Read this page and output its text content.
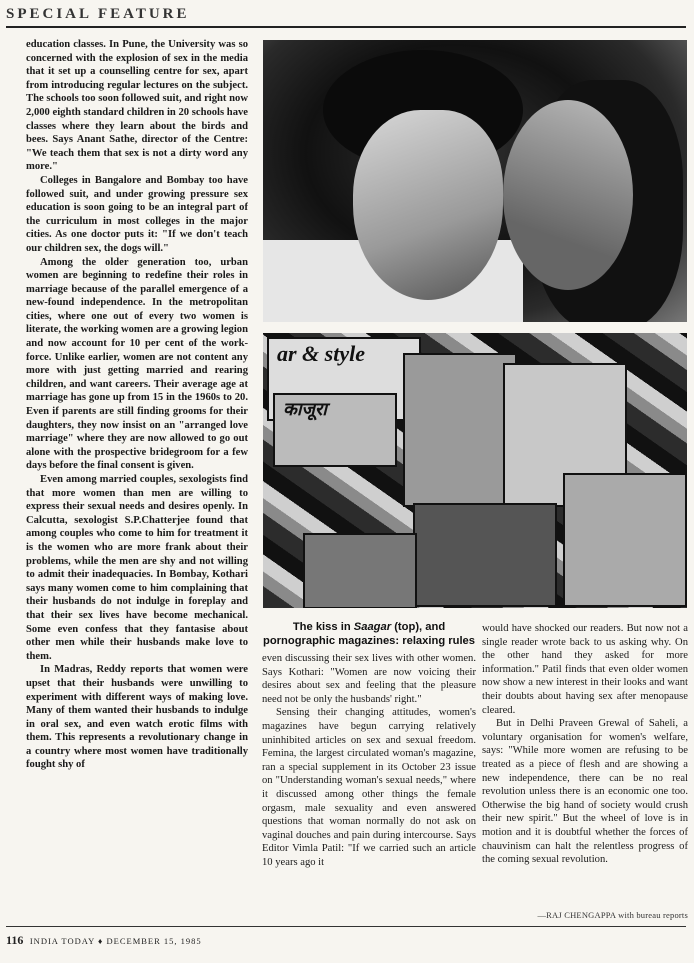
SPECIAL FEATURE

education classes. In Pune, the University was so concerned with the explosion of sex in the media that it set up a counselling centre for sex, apart from introducing regular lectures on the subject. The schools too soon followed suit, and right now 2,000 eighth standard children in 20 schools have classes where they learn about the birds and bees. Says Anant Sathe, director of the Centre: "We teach them that sex is not a dirty word any more."

Colleges in Bangalore and Bombay too have followed suit, and under growing pressure sex education is soon going to be an integral part of the curriculum in most colleges in the major cities. As one doctor puts it: "If we don't teach our children sex, the dogs will."

Among the older generation too, urban women are beginning to redefine their roles in marriage because of the parallel emergence of a new-found independence. In the metropolitan cities, where one out of every two women is literate, the working women are a growing legion and now account for 10 per cent of the work-force. Unlike earlier, women are not content any more with just getting married and rearing children, and want careers. Their average age at marriage has gone up from 15 in the 1960s to 20. Even if parents are still finding grooms for their daughters, they now insist on an "arranged love marriage" where they are now allowed to go out alone with the prospective bridegroom for a few days before the final consent is given.

Even among married couples, sexologists find that more women than men are willing to express their sexual needs and desires openly. In Calcutta, sexologist S.P.Chatterjee found that among couples who come to him for treatment it is the women who are more frank about their problems, while the men are shy and not willing to admit their inadequacies. In Bombay, Kothari says many women come to him complaining that their husbands do not indulge in foreplay and that their sex lives have become mechanical. Some even confess that they fantasise about other men while their husbands make love to them.

In Madras, Reddy reports that women were upset that their husbands were unwilling to experiment with different ways of making love. Many of them wanted their husbands to indulge in oral sex, and even watch erotic films with them. This represents a revolutionary change in a country where most women have traditionally fought shy of

ar & style
काजूरा
The kiss in Saagar (top), and
pornographic magazines: relaxing rules

even discussing their sex lives with other women. Says Kothari: "Women are now voicing their desires about sex and feeling that the pleasure need not be only the husbands' right."

Sensing their changing attitudes, women's magazines have begun carrying relatively uninhibited articles on sex and sexual freedom. Femina, the largest circulated woman's magazine, ran a special supplement in its October 23 issue on "Understanding woman's sexual needs," where it discussed among other things the female orgasm, male sexuality and even answered questions that woman normally do not ask on vaginal douches and pain during intercourse. Says Editor Vimla Patil: "If we carried such an article 10 years ago it

would have shocked our readers. But now not a single reader wrote back to us asking why. On the other hand they asked for more information." Patil finds that even older women now show a new interest in their looks and want their doubts about having sex after menopause cleared.

But in Delhi Praveen Grewal of Saheli, a voluntary organisation for women's welfare, says: "While more women are refusing to be treated as a piece of flesh and are showing a new independence, there can be no real revolution unless there is an economic one too. Otherwise the big hand of society would crush their new spirit." But the wheel of love is in motion and it is doubtful whether the forces of chauvinism can halt the relentless progress of the coming sexual revolution.

—RAJ CHENGAPPA with bureau reports
116 INDIA TODAY ♦ DECEMBER 15, 1985
